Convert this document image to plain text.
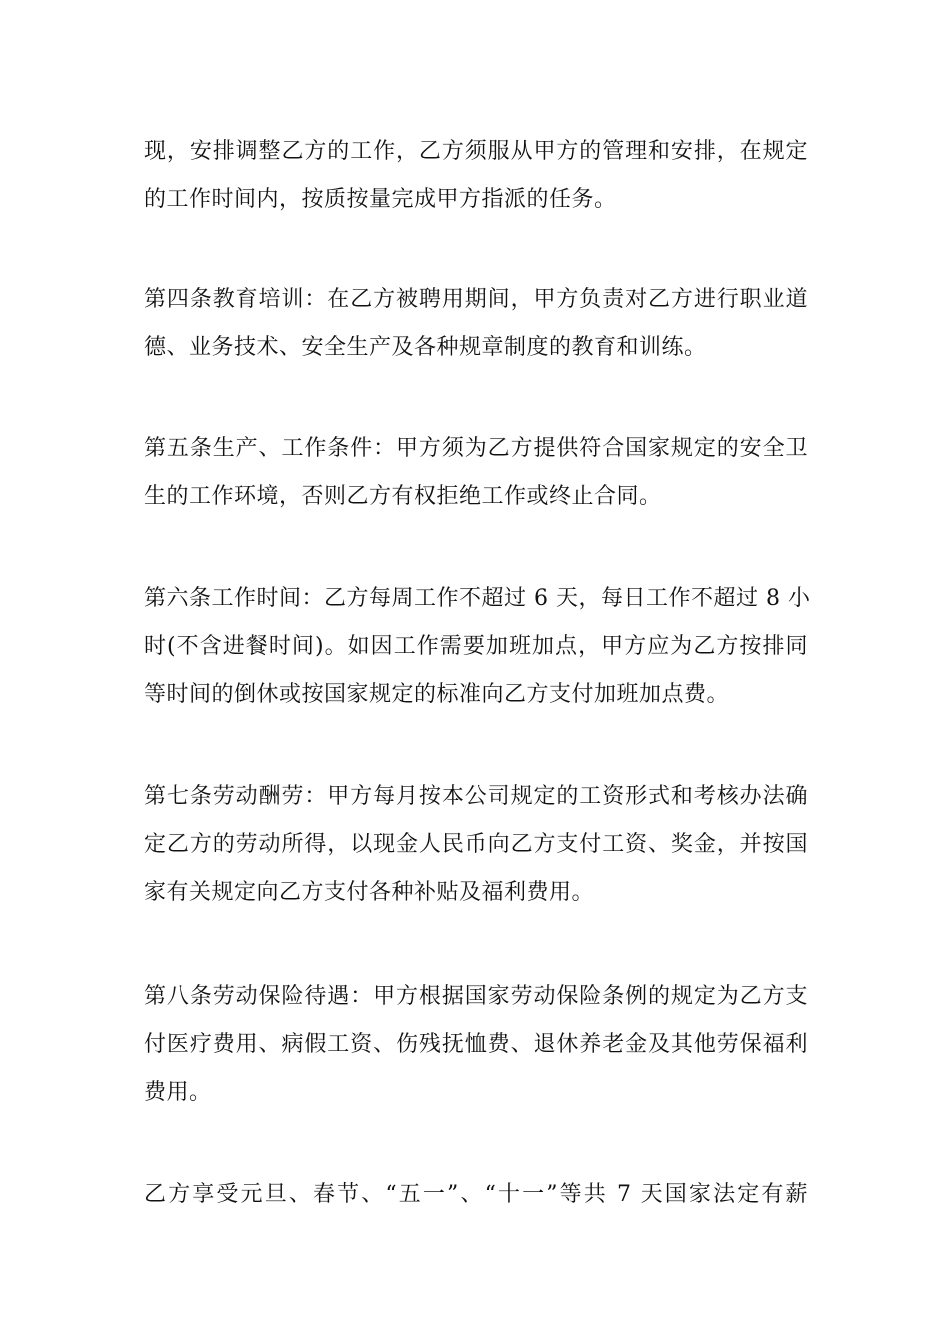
现，安排调整乙方的工作，乙方须服从甲方的管理和安排，在规定
的工作时间内，按质按量完成甲方指派的任务。

第四条教育培训：在乙方被聘用期间，甲方负责对乙方进行职业道
德、业务技术、安全生产及各种规章制度的教育和训练。

第五条生产、工作条件：甲方须为乙方提供符合国家规定的安全卫
生的工作环境，否则乙方有权拒绝工作或终止合同。

第六条工作时间：乙方每周工作不超过 6 天，每日工作不超过 8 小
时(不含进餐时间)。如因工作需要加班加点，甲方应为乙方按排同
等时间的倒休或按国家规定的标准向乙方支付加班加点费。

第七条劳动酬劳：甲方每月按本公司规定的工资形式和考核办法确
定乙方的劳动所得，以现金人民币向乙方支付工资、奖金，并按国
家有关规定向乙方支付各种补贴及福利费用。

第八条劳动保险待遇：甲方根据国家劳动保险条例的规定为乙方支
付医疗费用、病假工资、伤残抚恤费、退休养老金及其他劳保福利
费用。

乙方享受元旦、春节、“五一”、“十一”等共 7 天国家法定有薪
